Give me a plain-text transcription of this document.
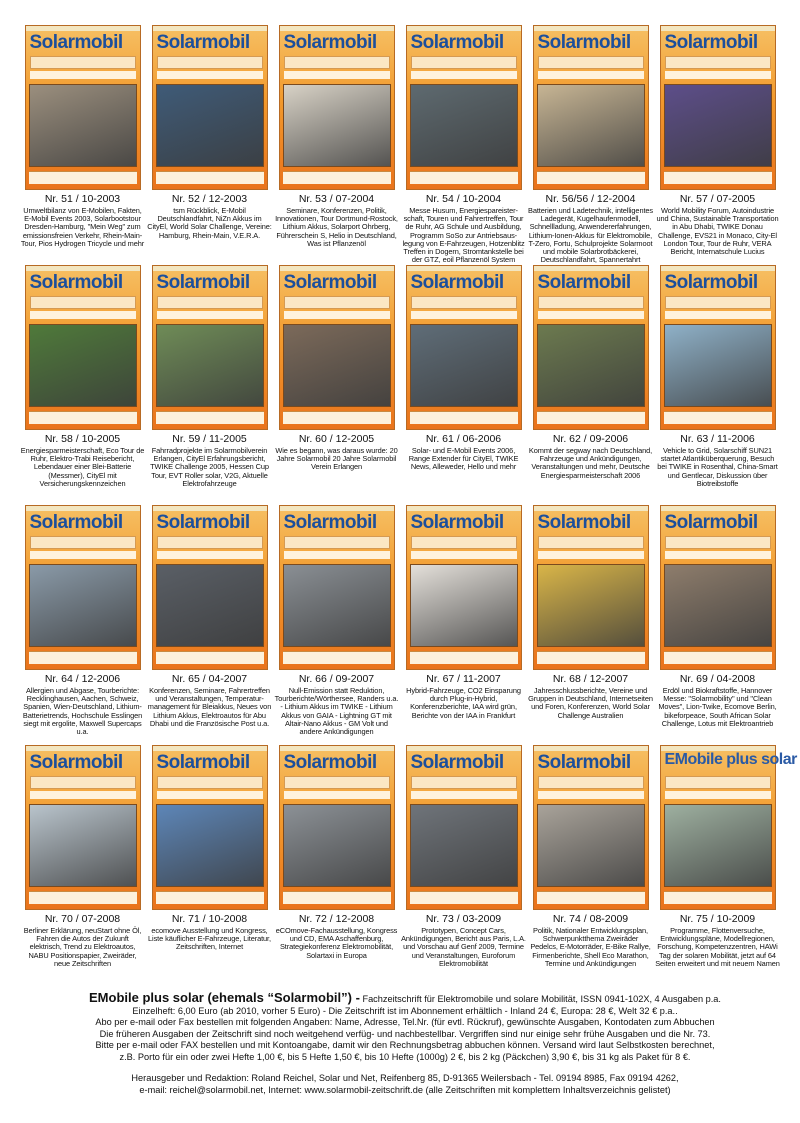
Solarmobil
Nr. 51 / 10-2003
Umweltbilanz von E-Mobilen, Fakten, E-Mobil Events 2003, Solarbootstour Dresden-Hamburg, "Mein Weg" zum emissionsfreien Verkehr, Rhein-Main-Tour, Pios Hydrogen Tricycle und mehr
Solarmobil
Nr. 52 / 12-2003
tsm Rückblick, E-Mobil Deutschlandfahrt, NiZn Akkus im CityEl, World Solar Challenge, Vereine: Hamburg, Rhein-Main, V.E.R.A.
Solarmobil
Nr. 53 / 07-2004
Seminare, Konferenzen, Politik, Innovationen, Tour Dortmund-Rostock, Lithium Akkus, Solarport Ohrberg, Führerschein S, Helio in Deutschland, Was ist Pflanzenöl
Solarmobil
Nr. 54 / 10-2004
Messe Husum, Energiespareister-schaft, Touren und Fahrertreffen, Tour de Ruhr, AG Schule und Ausbildung, Programm SoSo zur Antriebsaus-legung von E-Fahrzeugen, Hotzenblitz Treffen in Dogern, Stromtankstelle bei der GTZ, eoil Pflanzenöl System
Solarmobil
Nr. 56/56 / 12-2004
Batterien und Ladetechnik, intelligentes Ladegerät, Kugelhaufenmodell, Schnellladung, Anwendererfahrungen, Lithium-Ionen-Akkus für Elektromobile, T-Zero, Fortu, Schulprojekte Solarmoot und mobile Solarbrotbäckerei, Deutschlandfahrt, Spannertahrt
Solarmobil
Nr. 57 / 07-2005
World Mobility Forum, Autoindustrie und China, Sustainable Transportation in Abu Dhabi, TWIKE Donau Challenge, EVS21 in Monaco, City-El London Tour, Tour de Ruhr, VERA Bericht, Internatschule Lucius
Solarmobil
Nr. 58 / 10-2005
Energiesparmeisterschaft, Eco Tour de Ruhr, Elektro-Trabi Reisebericht, Lebendauer einer Blei-Batterie (Messmer), CityEl mit Versicherungskennzeichen
Solarmobil
Nr. 59 / 11-2005
Fahrradprojekte im Solarmobilverein Erlangen, CityEl Erfahrungsbericht, TWIKE Challenge 2005, Hessen Cup Tour, EVT Roller solar, V2G, Aktuelle Elektrofahrzeuge
Solarmobil
Nr. 60 / 12-2005
Wie es begann, was daraus wurde: 20 Jahre Solarmobil 20 Jahre Solarmobil Verein Erlangen
Solarmobil
Nr. 61 / 06-2006
Solar- und E-Mobil Events 2006, Range Extender für CityEl, TWIKE News, Alleweder, Hello und mehr
Solarmobil
Nr. 62 / 09-2006
Kommt der segway nach Deutschland, Fahrzeuge und Ankündigungen, Veranstaltungen und mehr, Deutsche Energiesparmeisterschaft 2006
Solarmobil
Nr. 63 / 11-2006
Vehicle to Grid, Solarschiff SUN21 startet Atlantiküberquerung, Besuch bei TWIKE in Rosenthal, China-Smart und Gentlecar, Diskussion über Biotreibstoffe
Solarmobil
Nr. 64 / 12-2006
Allergien und Abgase, Tourberichte: Recklinghausen, Aachen, Schweiz, Spanien, Wien-Deutschland, Lithium-Batterietrends, Hochschule Esslingen siegt mit ergolite, Maxwell Supercaps u.a.
Solarmobil
Nr. 65 / 04-2007
Konferenzen, Seminare, Fahrertreffen und Veranstaltungen, Temperatur-management für Bleiakkus, Neues von Lithium Akkus, Elektroautos für Abu Dhabi und die Französische Post u.a.
Solarmobil
Nr. 66 / 09-2007
Null-Emission statt Reduktion, Tourberichte/Wörthersee, Randers u.a. - Lithium Akkus im TWIKE - Lithium Akkus von GAIA - Lightning GT mit Altair-Nano Akkus - GM Volt und andere Ankündigungen
Solarmobil
Nr. 67 / 11-2007
Hybrid-Fahrzeuge, CO2 Einsparung durch Plug-in-Hybrid, Konferenzberichte, IAA wird grün, Berichte von der IAA in Frankfurt
Solarmobil
Nr. 68 / 12-2007
Jahresschlussberichte, Vereine und Gruppen in Deutschland, Internetseiten und Foren, Konferenzen, World Solar Challenge Australien
Solarmobil
Nr. 69 / 04-2008
Erdöl und Biokraftstoffe, Hannover Messe: "Solarmobility" und "Clean Moves", Lion-Twike, Ecomove Berlin, bikeforpeace, South African Solar Challenge, Lotus mit Elektroantrieb
Solarmobil
Nr. 70 / 07-2008
Berliner Erklärung, neuStart ohne Öl, Fahren die Autos der Zukunft elektrisch, Trend zu Elektroautos, NABU Positionspapier, Zweiräder, neue Zeitschriften
Solarmobil
Nr. 71 / 10-2008
ecomove Ausstellung und Kongress, Liste käuflicher E-Fahrzeuge, Literatur, Zeitschriften, Internet
Solarmobil
Nr. 72 / 12-2008
eCOmove-Fachausstellung, Kongress und CD, EMA Aschaffenburg, Strategiekonferenz Elektromobilität, Solartaxi in Europa
Solarmobil
Nr. 73 / 03-2009
Prototypen, Concept Cars, Ankündigungen, Bericht aus Paris, L.A. und Vorschau auf Genf 2009, Termine und Veranstaltungen, Euroforum Elektromobilität
Solarmobil
Nr. 74 / 08-2009
Politik, Nationaler Entwicklungsplan, Schwerpunktthema Zweiräder Pedelcs, E-Motorräder, E-Bike Rallye, Firmenberichte, Shell Eco Marathon, Termine und Ankündigungen
EMobile plus solar
Nr. 75 / 10-2009
Programme, Flottenversuche, Entwicklungspläne, Modellregionen, Forschung, Kompetenzzentren, HAWi Tag der solaren Mobilität, jetzt auf 64 Seiten erweitert und mit neuem Namen

EMobile plus solar (ehemals “Solarmobil”) - Fachzeitschrift für Elektromobile und solare Mobilität, ISSN 0941-102X, 4 Ausgaben p.a.

Einzelheft: 6,00 Euro (ab 2010, vorher 5 Euro) - Die Zeitschrift ist im Abonnement erhältlich - Inland 24 €, Europa: 28 €, Welt 32 € p.a..

Abo per e-mail oder Fax bestellen mit folgenden Angaben: Name, Adresse, Tel.Nr. (für evtl. Rückruf), gewünschte Ausgaben, Kontodaten zum Abbuchen

Die früheren Ausgaben der Zeitschrift sind noch weitgehend verfüg- und nachbestellbar. Vergriffen sind nur einige sehr frühe Ausgaben und die Nr. 73.

Bitte per e-mail oder FAX bestellen und mit Kontoangabe, damit wir den Rechnungsbetrag abbuchen können. Versand wird laut Selbstkosten berechnet,

z.B. Porto für ein oder zwei Hefte 1,00 €, bis 5 Hefte 1,50 €, bis 10 Hefte (1000g) 2 €, bis 2 kg (Päckchen) 3,90 €, bis 31 kg als Paket für 8 €.

Herausgeber und Redaktion: Roland Reichel, Solar und Net, Reifenberg 85, D-91365 Weilersbach - Tel. 09194 8985, Fax 09194 4262,

e-mail: reichel@solarmobil.net, Internet: www.solarmobil-zeitschrift.de (alle Zeitschriften mit komplettem Inhaltsverzeichnis gelistet)
